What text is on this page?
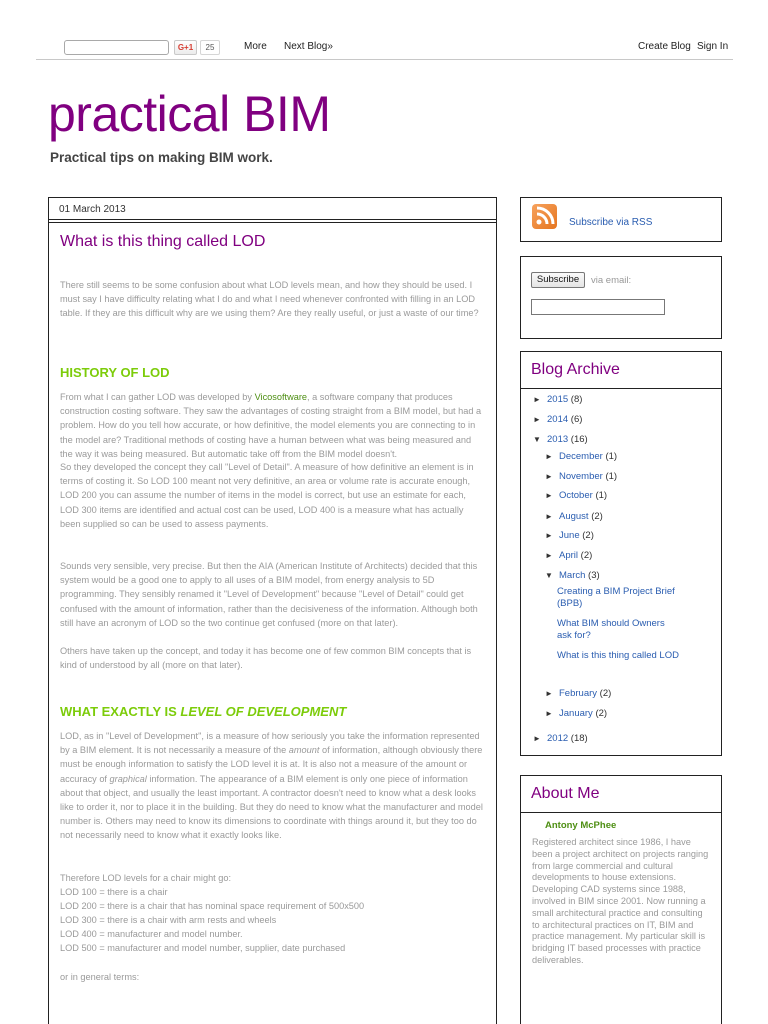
G+1	25	More Next Blog»	Create Blog Sign In
practical BIM
Practical tips on making BIM work.
01 March 2013
What is this thing called LOD

There still seems to be some confusion about what LOD levels mean, and how they should be used. I must say I have difficulty relating what I do and what I need whenever confronted with filling in an LOD table. If they are this difficult why are we using them? Are they really useful, or just a waste of our time?

HISTORY OF LOD

From what I can gather LOD was developed by Vicosoftware, a software company that produces construction costing software. They saw the advantages of costing straight from a BIM model, but had a problem. How do you tell how accurate, or how definitive, the model elements you are connecting to in the model are? Traditional methods of costing have a human between what was being measured and the way it was being measured. But automatic take off from the BIM model doesn't.

So they developed the concept they call "Level of Detail". A measure of how definitive an element is in terms of costing it. So LOD 100 meant not very definitive, an area or volume rate is accurate enough, LOD 200 you can assume the number of items in the model is correct, but use an estimate for each, LOD 300 items are identified and actual cost can be used, LOD 400 is a measure what has actually been supplied so can be used to assess payments.

Sounds very sensible, very precise. But then the AIA (American Institute of Architects) decided that this system would be a good one to apply to all uses of a BIM model, from energy analysis to 5D programming. They sensibly renamed it "Level of Development" because "Level of Detail" could get confused with the amount of information, rather than the decisiveness of the information. Although both still have an acronym of LOD so the two continue get confused (more on that later).

Others have taken up the concept, and today it has become one of few common BIM concepts that is kind of understood by all (more on that later).

WHAT EXACTLY IS LEVEL OF DEVELOPMENT

LOD, as in "Level of Development", is a measure of how seriously you take the information represented by a BIM element. It is not necessarily a measure of the amount of information, although obviously there must be enough information to satisfy the LOD level it is at. It is also not a measure of the amount or accuracy of graphical information. The appearance of a BIM element is only one piece of information about that object, and usually the least important. A contractor doesn't need to know what a desk looks like to order it, nor to place it in the building. But they do need to know what the manufacturer and model number is. Others may need to know its dimensions to coordinate with things around it, but they too do not necessarily need to know what it exactly looks like.

Therefore LOD levels for a chair might go:

LOD 100 = there is a chair

LOD 200 = there is a chair that has nominal space requirement of 500x500

LOD 300 = there is a chair with arm rests and wheels

LOD 400 = manufacturer and model number.

LOD 500 = manufacturer and model number, supplier, date purchased

or in general terms:

Subscribe via RSS
Subscribe	via email:
Blog Archive
► 2015 (8)
► 2014 (6)
▼ 2013 (16)
► December (1)
► November (1)
► October (1)
► August (2)
► June (2)
► April (2)
▼ March (3)
Creating a BIM Project Brief (BPB)
What BIM should Owners ask for?
What is this thing called LOD
► February (2)
► January (2)
► 2012 (18)
About Me
Antony McPhee
Registered architect since 1986, I have been a project architect on projects ranging from large commercial and cultural developments to house extensions. Developing CAD systems since 1988, involved in BIM since 2001. Now running a small architectural practice and consulting to architectural practices on IT, BIM and practice management. My particular skill is bridging IT based processes with practice deliverables.
